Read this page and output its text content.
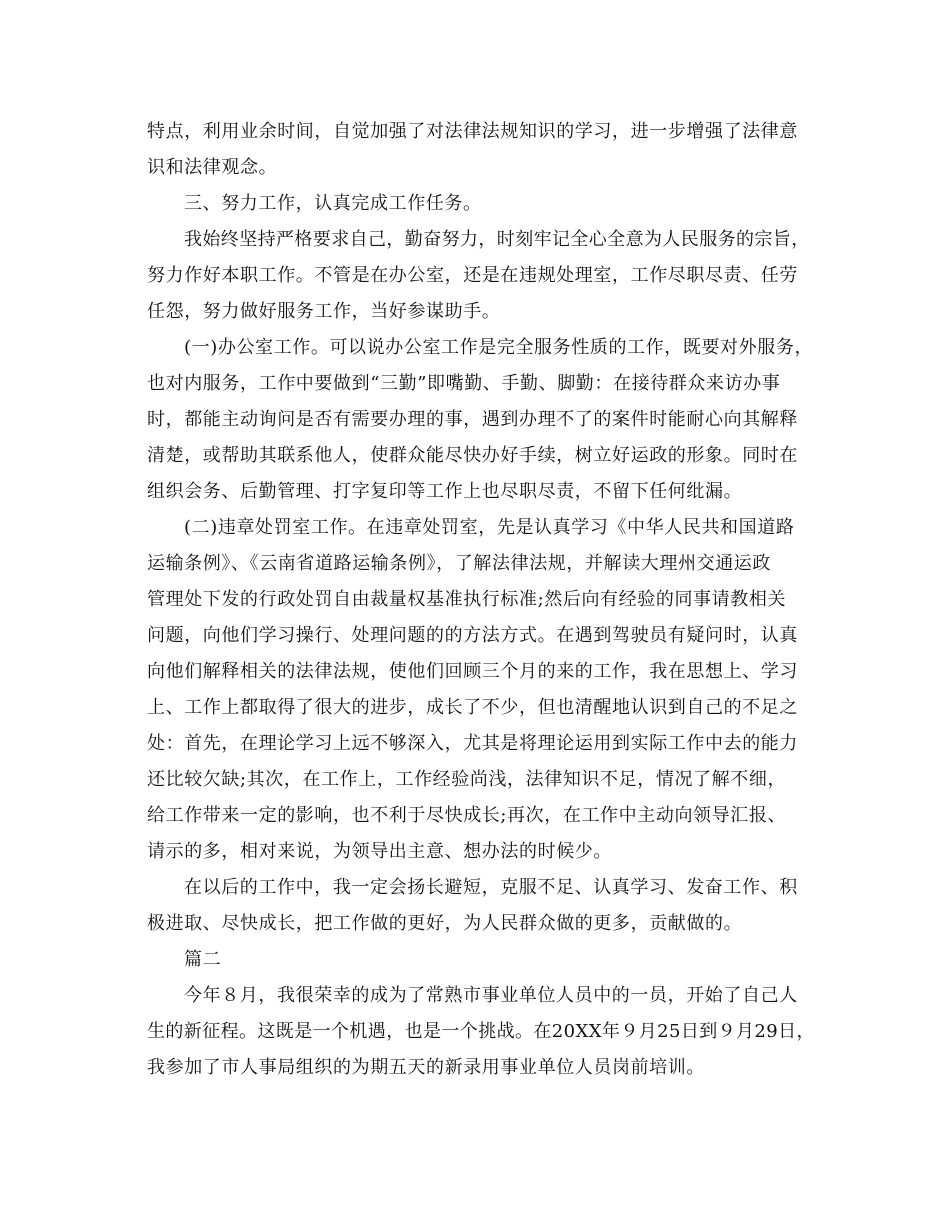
特点，利用业余时间，自觉加强了对法律法规知识的学习，进一步增强了法律意
识和法律观念。
三、努力工作，认真完成工作任务。
我始终坚持严格要求自己，勤奋努力，时刻牢记全心全意为人民服务的宗旨，
努力作好本职工作。不管是在办公室，还是在违规处理室，工作尽职尽责、任劳
任怨，努力做好服务工作，当好参谋助手。
(一)办公室工作。可以说办公室工作是完全服务性质的工作，既要对外服务，
也对内服务，工作中要做到“三勤”即嘴勤、手勤、脚勤：在接待群众来访办事
时，都能主动询问是否有需要办理的事，遇到办理不了的案件时能耐心向其解释
清楚，或帮助其联系他人，使群众能尽快办好手续，树立好运政的形象。同时在
组织会务、后勤管理、打字复印等工作上也尽职尽责，不留下任何纰漏。
(二)违章处罚室工作。在违章处罚室，先是认真学习《中华人民共和国道路
运输条例》、《云南省道路运输条例》，了解法律法规，并解读大理州交通运政
管理处下发的行政处罚自由裁量权基准执行标准;然后向有经验的同事请教相关
问题，向他们学习操行、处理问题的的方法方式。在遇到驾驶员有疑问时，认真
向他们解释相关的法律法规，使他们回顾三个月的来的工作，我在思想上、学习
上、工作上都取得了很大的进步，成长了不少，但也清醒地认识到自己的不足之
处：首先，在理论学习上远不够深入，尤其是将理论运用到实际工作中去的能力
还比较欠缺;其次，在工作上，工作经验尚浅，法律知识不足，情况了解不细，
给工作带来一定的影响，也不利于尽快成长;再次，在工作中主动向领导汇报、
请示的多，相对来说，为领导出主意、想办法的时候少。
在以后的工作中，我一定会扬长避短，克服不足、认真学习、发奋工作、积
极进取、尽快成长，把工作做的更好，为人民群众做的更多，贡献做的。
篇二
今年８月，我很荣幸的成为了常熟市事业单位人员中的一员，开始了自己人
生的新征程。这既是一个机遇，也是一个挑战。在20XX年９月25日到９月29日，
我参加了市人事局组织的为期五天的新录用事业单位人员岗前培训。
